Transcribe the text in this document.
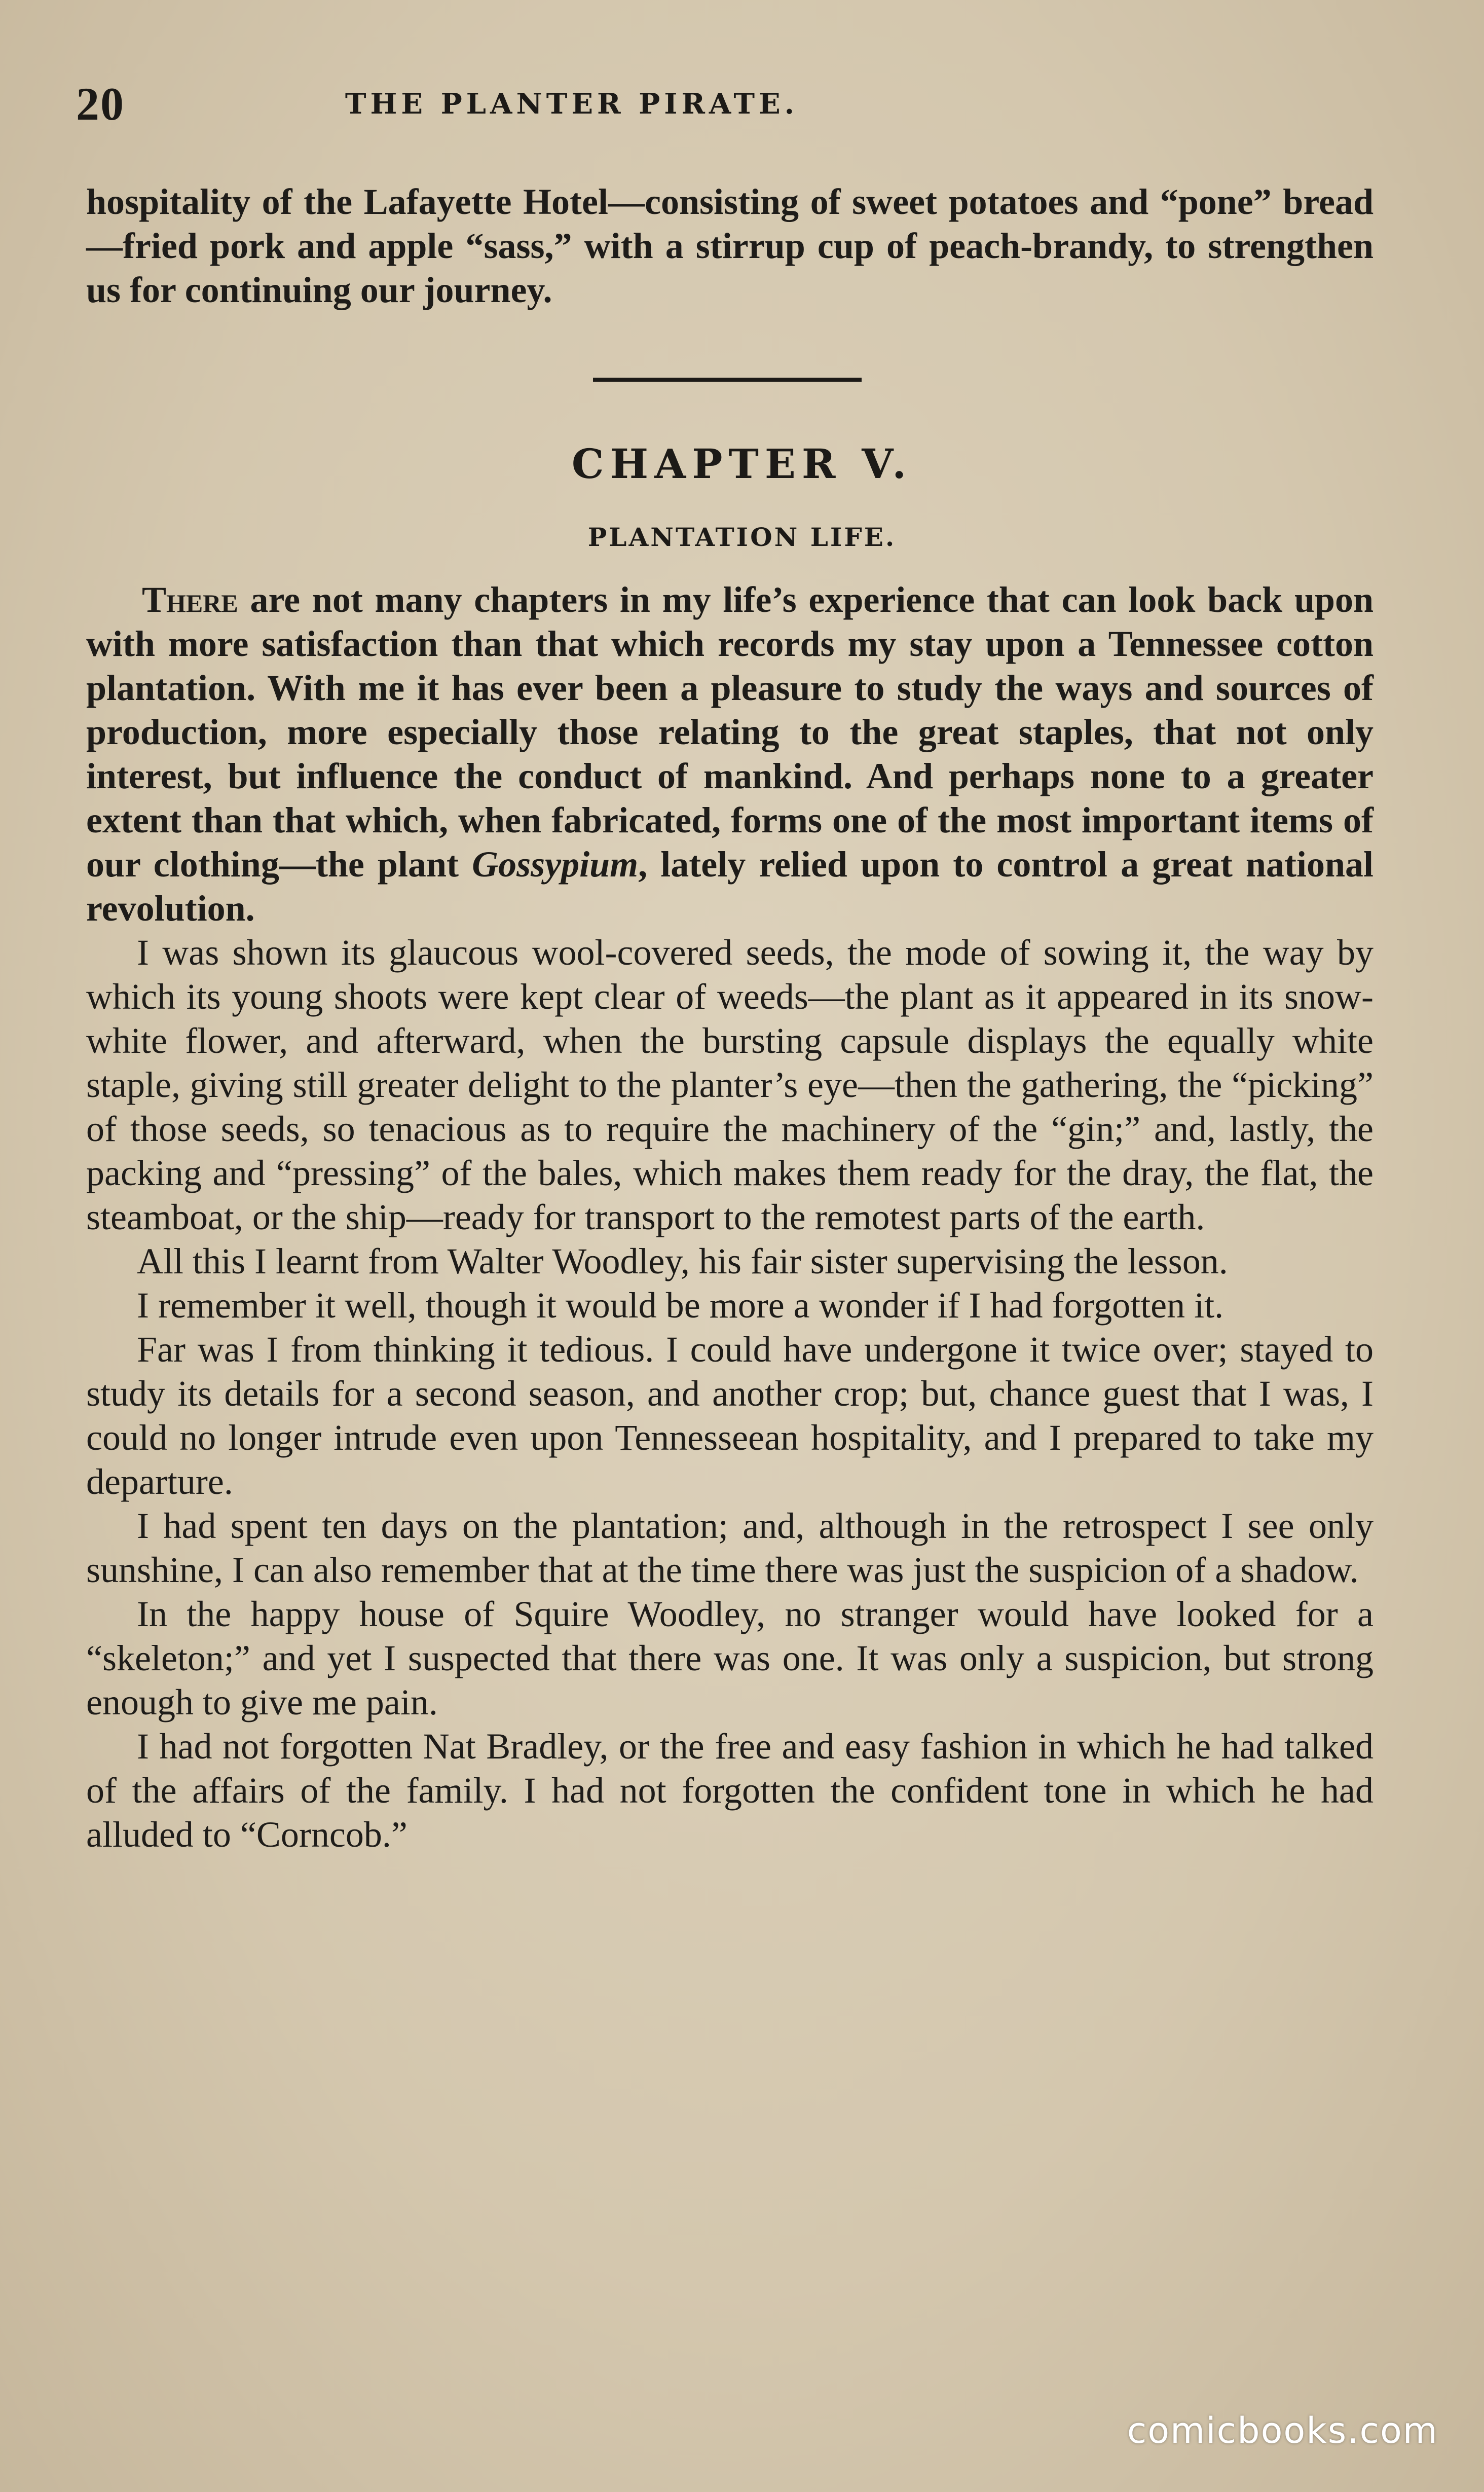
20	THE PLANTER PIRATE.

hospitality of the Lafayette Hotel—consisting of sweet potatoes and “pone” bread—fried pork and apple “sass,” with a stirrup cup of peach-brandy, to strengthen us for continuing our journey.

CHAPTER V.
PLANTATION LIFE.

There are not many chapters in my life’s experience that can look back upon with more satisfaction than that which records my stay upon a Tennessee cotton plantation. With me it has ever been a pleasure to study the ways and sources of production, more especially those relating to the great staples, that not only interest, but influence the conduct of mankind. And perhaps none to a greater extent than that which, when fabricated, forms one of the most important items of our clothing—the plant Gossypium, lately relied upon to control a great national revolution.

I was shown its glaucous wool-covered seeds, the mode of sowing it, the way by which its young shoots were kept clear of weeds—the plant as it appeared in its snow-white flower, and afterward, when the bursting capsule displays the equally white staple, giving still greater delight to the planter’s eye—then the gathering, the “picking” of those seeds, so tenacious as to require the machinery of the “gin;” and, lastly, the packing and “pressing” of the bales, which makes them ready for the dray, the flat, the steamboat, or the ship—ready for transport to the remotest parts of the earth.

All this I learnt from Walter Woodley, his fair sister supervising the lesson.

I remember it well, though it would be more a wonder if I had forgotten it.

Far was I from thinking it tedious. I could have undergone it twice over; stayed to study its details for a second season, and another crop; but, chance guest that I was, I could no longer intrude even upon Tennesseean hospitality, and I prepared to take my departure.

I had spent ten days on the plantation; and, although in the retrospect I see only sunshine, I can also remember that at the time there was just the suspicion of a shadow.

In the happy house of Squire Woodley, no stranger would have looked for a “skeleton;” and yet I suspected that there was one. It was only a suspicion, but strong enough to give me pain.

I had not forgotten Nat Bradley, or the free and easy fashion in which he had talked of the affairs of the family. I had not forgotten the confident tone in which he had alluded to “Corncob.”

comicbooks.com
